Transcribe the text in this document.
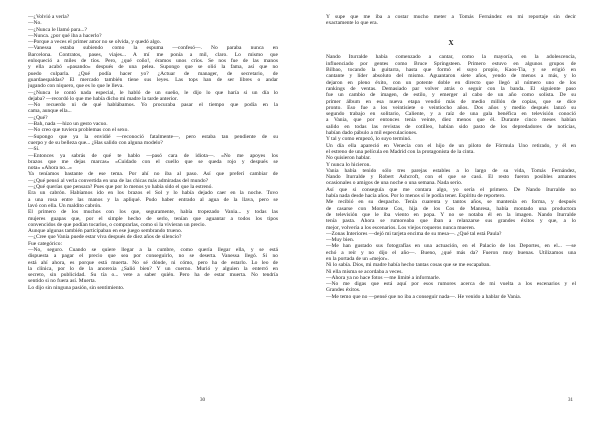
—¿Volvió a verla?
—No.
—¿Nunca le llamó para...?
—Nunca. ¿por qué iba a hacerlo?
—Porque a veces el primer amor no se olvida, y quedó algo.
—Vanessa estaba subiendo como la espuma —confesó—. No paraba nunca en
Barcelona. Contratos, pases, viajes... A mí me ponía a mil, claro. Lo mismo que
enloqueció a miles de tíos. Pero, ¿qué coño!, éramos unos críos. Se nos fue de las manos
y ella acabó «pasando» después de una pelea. Supongo que se olió la fama, así que no
puedo culparla. ¿Qué podía hacer yo? ¿Actuar de manager, de secretario, de
guardaespaldas? El mercado también tiene sus leyes. Las tops han de ser libres o andar
jugando con niquero, que es lo que le lleva.
—¿Nunca le contó nada especial, le habló de un sueño, le dijo lo que haría si un día lo
dejaba? —recordó lo que me había dicho mi madre la tarde anterior.
—No recuerdo ni de qué hablábamos. Yo procuraba pasar el tiempo que podía en la
cama, aunque ella...
—¿Qué?
—Bah, nada —hizo un gesto vacuo.
—No creo que tuviera problemas con el sexo.
—Supongo que ya la envidié —reconoció fatalmente—, pero estaba tan pendiente de su
cuerpo y de su belleza que... ¿Has salido con alguna modelo?
—Sí.
—Entonces ya sabrás de qué te hablo —pasó cara de idiota—. «No me apoyes los
brazos que me dejas marcas» «Cuidado con el cuello que se queda rojo y después se
nota» «Ahora no...»
Ya teníamos bastante de ese tema. Por ahí no iba al paso. Así que preferí cambiar de
—¿Qué pensó al verla convertida en una de las chicas más admiradas del mundo?
—¿Qué querías que pensara? Pues que por lo menos yo había sido el que la estrenó.
Era un cabrón. Habíamos ido en los brazos el Sol y lo había dejado caer en la noche. Tuvo
a una rosa entre las manos y la apliqué. Pudo haber entrado al agua de la llava, pero se
lavó con ella. Un maldito cabrón.
El primero de los muchos con los que, seguramente, había tropezado Vania... y todas las
mujeres guapas que, por el simple hecho de serlo, tenían que aguantar a todos los tipos
convencidos de que podían tocarlos, o comprarlas, como si la vivieran un precio.
Aunque algunas también participaban en ese juego sembrando trueno.
—¿Cree que Vania puede estar viva después de diez años de silencio?
Fue categórico:
—No, seguro. Cuando se quiere llegar a la cumbre, como quería llegar ella, y se está
dispuesta a pagar el precio que sea por conseguirlo, no se deserta. Vanessa llegó. Si no
está ahí ahora, es porque está muerta. No sé dónde, ni cómo, pero ha de estarlo. Lo leo de
la clínica, por lo de la anorexia ¿Salió bien? Y un cuerno. Murió y alguien la enterró en
secreto, sin publicidad. Su tía o... vete a saber quién. Pero ha de estar muerta. No tendría
sentido si no fuera así. Muerta.
Lo dijo sin ninguna pasión, sin sentimiento.
30
Y supe que me iba a costar mucho meter a Tomás Fernández en mi reportaje sin decir
exactamente lo que era.
X
Nando Iturralde había comenzado a cantar, como la mayoría, en la adolescencia,
influenciado por gentes como Bruce Springsteen. Primero estuvo en algunos grupos de
Bilbao, tocando la guitarra, hasta que formó el suyo propio, Kaos-Tia, y se erigió en
cantante y líder absoluto del mismo. Aguantaron siete años, yendo de menos a más, y lo
dejaron en pleno éxito, con un potente doble en directo que llegó al número uno de los
rankings de ventas. Demasiado par volver atrás o seguir con la banda. El siguiente paso
fue un cambio de imagen, de estilo, y emerger al cabo de un año como solista. De su
primer álbum en esa nueva etapa vendió más de medio millón de copias, que se dice
pronto. Eso fue a los veintisiete o veintiocho años. Dos años y medio después lanzó su
segundo trabajo en solitario, Caliente, y a raíz de una gala benéfica en televisión conoció
a Vania, que por entonces tenía veinte, diez menos que él. Durante cinco meses habían
salido en todas las revistas de cotilleo, habían sido pasto de los depredadores de noticias,
habían dado pábulo a mil especulaciones.
Y tal y como empezó, lo suyo terminó.
Un día ella apareció en Venecia con el hijo de un piloto de Fórmula Uno retirado, y él en
el estreno de una película en Madrid con la protagonista de la cinta.
No quisieron hablar.
Y nunca lo hicieron.
Vania había tenido sólo tres parejas estables a lo largo de su vida, Tomás Fernández,
Nando Iturralde y Robert Ashcroft, con el que se casó. El resto fueron posibles amantes
ocasionales o amigos de una noche o una semana. Nada serio.
Así que si conseguía que me contara algo, yo sería el primero. De Nando Iturralde no
había nada desde hacía años. Por lo menos sí le podía tener. Espíritu de reportero.
Me recibió en su despacho. Tenía cuarenta y tantos años, se mantenía en forma, y después
de casarse con Montse Cos, hija de los Cos de Manresa, había montado una productora
de televisión que le iba viento en popa. Y no se notaba él en la imagen. Nando Iturralde
tenía pasta. Ahora se rumoreaba que iban a relanzarse sus grandes éxitos y que, a lo
mejor, volvería a los escenarios. Los viejos roqueros nunca mueren.
—Zonas Interiores —dejó mi tarjeta encima de su mesa—. ¿Qué tal está Paula?
—Muy bien.
—Me han gustado sus fotografías en una actuación, en el Palacio de los Deportes, en el... —se
echó a reír y no dijo el año—. Bueno, ¿qué más da? Fueron muy buenas. Utilizamos una
en la portada de un «mejor».
Ni lo sabía. Dios, mi madre había hecho tantas cosas que se me escapaban.
Ni ella misma se acordaba a veces.
—Ahora ya no hace fotos —me limité a informarle.
—No me digas que está aquí por esos rumores acerca de mi vuelta a los escenarios y el
Grandes éxitos.
—Me temo que no —pensé que no iba a conseguir nada—. He venido a hablar de Vania.
31
